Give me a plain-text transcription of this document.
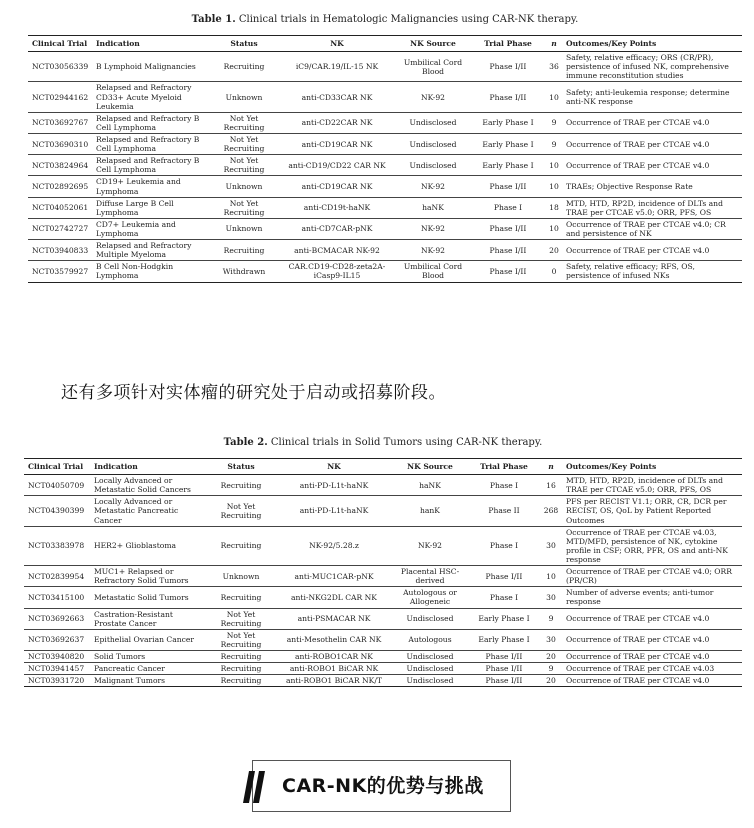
Table 1. Clinical trials in Hematologic Malignancies using CAR-NK therapy.
Clinical Trial	Indication	Status	NK	NK Source	Trial Phase	n	Outcomes/Key Points
NCT03056339	B Lymphoid Malignancies	Recruiting	iC9/CAR.19/IL-15 NK	Umbilical Cord Blood	Phase I/II	36	Safety, relative efficacy; ORS (CR/PR), persistence of infused NK, comprehensive immune reconstitution studies
NCT02944162	Relapsed and Refractory CD33+ Acute Myeloid Leukemia	Unknown	anti-CD33CAR NK	NK-92	Phase I/II	10	Safety; anti-leukemia response; determine anti-NK response
NCT03692767	Relapsed and Refractory B Cell Lymphoma	Not Yet Recruiting	anti-CD22CAR NK	Undisclosed	Early Phase I	9	Occurrence of TRAE per CTCAE v4.0
NCT03690310	Relapsed and Refractory B Cell Lymphoma	Not Yet Recruiting	anti-CD19CAR NK	Undisclosed	Early Phase I	9	Occurrence of TRAE per CTCAE v4.0
NCT03824964	Relapsed and Refractory B Cell Lymphoma	Not Yet Recruiting	anti-CD19/CD22 CAR NK	Undisclosed	Early Phase I	10	Occurrence of TRAE per CTCAE v4.0
NCT02892695	CD19+ Leukemia and Lymphoma	Unknown	anti-CD19CAR NK	NK-92	Phase I/II	10	TRAEs; Objective Response Rate
NCT04052061	Diffuse Large B Cell Lymphoma	Not Yet Recruiting	anti-CD19t-haNK	haNK	Phase I	18	MTD, HTD, RP2D, incidence of DLTs and TRAE per CTCAE v5.0; ORR, PFS, OS
NCT02742727	CD7+ Leukemia and Lymphoma	Unknown	anti-CD7CAR-pNK	NK-92	Phase I/II	10	Occurrence of TRAE per CTCAE v4.0; CR and persistence of NK
NCT03940833	Relapsed and Refractory Multiple Myeloma	Recruiting	anti-BCMACAR NK-92	NK-92	Phase I/II	20	Occurrence of TRAE per CTCAE v4.0
NCT03579927	B Cell Non-Hodgkin Lymphoma	Withdrawn	CAR.CD19-CD28-zeta2A-iCasp9-IL15	Umbilical Cord Blood	Phase I/II	0	Safety, relative efficacy; RFS, OS, persistence of infused NKs
还有多项针对实体瘤的研究处于启动或招募阶段。
Table 2. Clinical trials in Solid Tumors using CAR-NK therapy.
Clinical Trial	Indication	Status	NK	NK Source	Trial Phase	n	Outcomes/Key Points
NCT04050709	Locally Advanced or Metastatic Solid Cancers	Recruiting	anti-PD-L1t-haNK	haNK	Phase I	16	MTD, HTD, RP2D, incidence of DLTs and TRAE per CTCAE v5.0; ORR, PFS, OS
NCT04390399	Locally Advanced or Metastatic Pancreatic Cancer	Not Yet Recruiting	anti-PD-L1t-haNK	hanK	Phase II	268	PFS per RECIST V1.1; ORR, CR, DCR per RECIST, OS, QoL by Patient Reported Outcomes
NCT03383978	HER2+ Glioblastoma	Recruiting	NK-92/5.28.z	NK-92	Phase I	30	Occurrence of TRAE per CTCAE v4.03, MTD/MFD, persistence of NK, cytokine profile in CSF; ORR, PFR, OS and anti-NK response
NCT02839954	MUC1+ Relapsed or Refractory Solid Tumors	Unknown	anti-MUC1CAR-pNK	Placental HSC-derived	Phase I/II	10	Occurrence of TRAE per CTCAE v4.0; ORR (PR/CR)
NCT03415100	Metastatic Solid Tumors	Recruiting	anti-NKG2DL CAR NK	Autologous or Allogeneic	Phase I	30	Number of adverse events; anti-tumor response
NCT03692663	Castration-Resistant Prostate Cancer	Not Yet Recruiting	anti-PSMACAR NK	Undisclosed	Early Phase I	9	Occurrence of TRAE per CTCAE v4.0
NCT03692637	Epithelial Ovarian Cancer	Not Yet Recruiting	anti-Mesothelin CAR NK	Autologous	Early Phase I	30	Occurrence of TRAE per CTCAE v4.0
NCT03940820	Solid Tumors	Recruiting	anti-ROBO1CAR NK	Undisclosed	Phase I/II	20	Occurrence of TRAE per CTCAE v4.0
NCT03941457	Pancreatic Cancer	Recruiting	anti-ROBO1 BiCAR NK	Undisclosed	Phase I/II	9	Occurrence of TRAE per CTCAE v4.03
NCT03931720	Malignant Tumors	Recruiting	anti-ROBO1 BiCAR NK/T	Undisclosed	Phase I/II	20	Occurrence of TRAE per CTCAE v4.0
CAR-NK的优势与挑战
